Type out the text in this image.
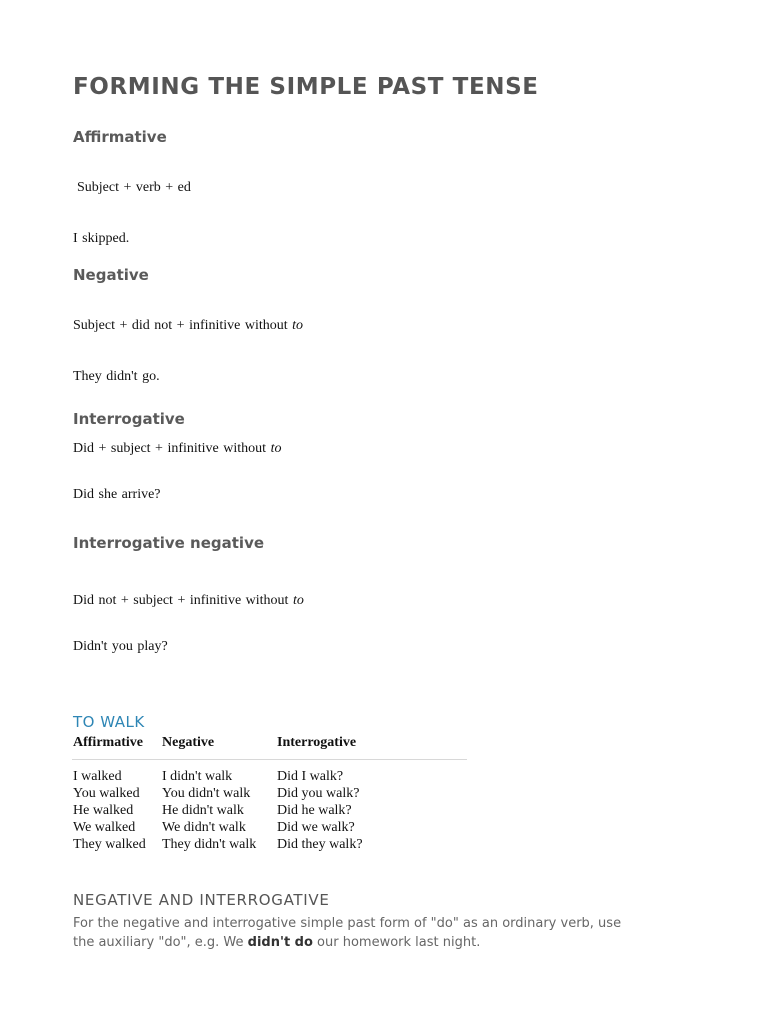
FORMING THE SIMPLE PAST TENSE
Affirmative
Subject + verb + ed
I skipped.
Negative
Subject + did not + infinitive without to
They didn't go.
Interrogative
Did + subject + infinitive without to
Did she arrive?
Interrogative negative
Did not + subject + infinitive without to
Didn't you play?
TO WALK
Affirmative	Negative	Interrogative
I walked	I didn't walk	Did I walk?
You walked	You didn't walk	Did you walk?
He walked	He didn't walk	Did he walk?
We walked	We didn't walk	Did we walk?
They walked	They didn't walk	Did they walk?
NEGATIVE AND INTERROGATIVE
For the negative and interrogative simple past form of "do" as an ordinary verb, use the auxiliary "do", e.g. We didn't do our homework last night.
